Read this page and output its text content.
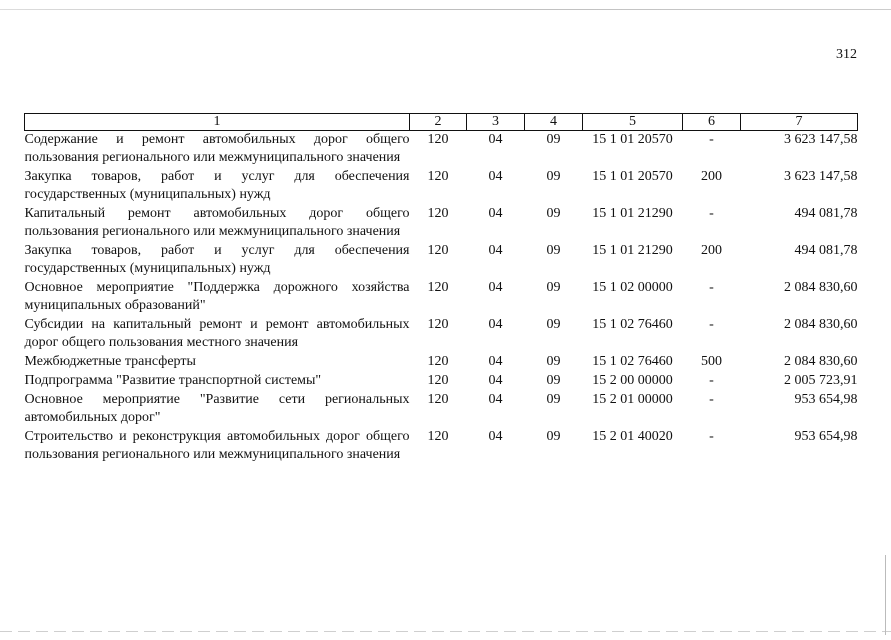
312
1	2	3	4	5	6	7
Содержание и ремонт автомобильных дорог общего пользования регионального или межмуниципального значения	120	04	09	15 1 01 20570	-	3 623 147,58
Закупка товаров, работ и услуг для обеспечения государственных (муниципальных) нужд	120	04	09	15 1 01 20570	200	3 623 147,58
Капитальный ремонт автомобильных дорог общего пользования регионального или межмуниципального значения	120	04	09	15 1 01 21290	-	494 081,78
Закупка товаров, работ и услуг для обеспечения государственных (муниципальных) нужд	120	04	09	15 1 01 21290	200	494 081,78
Основное мероприятие "Поддержка дорожного хозяйства муниципальных образований"	120	04	09	15 1 02 00000	-	2 084 830,60
Субсидии на капитальный ремонт и ремонт автомобильных дорог общего пользования местного значения	120	04	09	15 1 02 76460	-	2 084 830,60
Межбюджетные трансферты	120	04	09	15 1 02 76460	500	2 084 830,60
Подпрограмма "Развитие транспортной системы"	120	04	09	15 2 00 00000	-	2 005 723,91
Основное мероприятие "Развитие сети региональных автомобильных дорог"	120	04	09	15 2 01 00000	-	953 654,98
Строительство и реконструкция автомобильных дорог общего пользования регионального или межмуниципального значения	120	04	09	15 2 01 40020	-	953 654,98
